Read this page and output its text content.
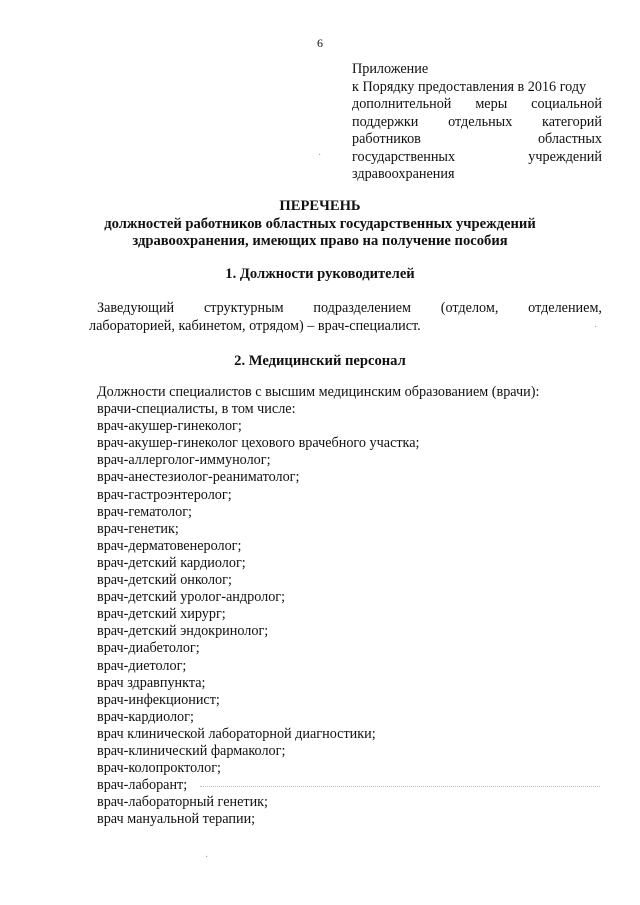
6
Приложение
к Порядку предоставления в 2016 году
дополнительной меры социальной
поддержки отдельных категорий
работников	областных
государственных	учреждений
здравоохранения
ПЕРЕЧЕНЬ
должностей работников областных государственных учреждений
здравоохранения, имеющих право на получение пособия
1. Должности руководителей
Заведующий структурным подразделением (отделом, отделением,
лабораторией, кабинетом, отрядом) – врач-специалист.
2. Медицинский персонал
Должности специалистов с высшим медицинским образованием (врачи):
врачи-специалисты, в том числе:
врач-акушер-гинеколог;
врач-акушер-гинеколог цехового врачебного участка;
врач-аллерголог-иммунолог;
врач-анестезиолог-реаниматолог;
врач-гастроэнтеролог;
врач-гематолог;
врач-генетик;
врач-дерматовенеролог;
врач-детский кардиолог;
врач-детский онколог;
врач-детский уролог-андролог;
врач-детский хирург;
врач-детский эндокринолог;
врач-диабетолог;
врач-диетолог;
врач здравпункта;
врач-инфекционист;
врач-кардиолог;
врач клинической лабораторной диагностики;
врач-клинический фармаколог;
врач-колопроктолог;
врач-лаборант;
врач-лабораторный генетик;
врач мануальной терапии;
·
·
·
